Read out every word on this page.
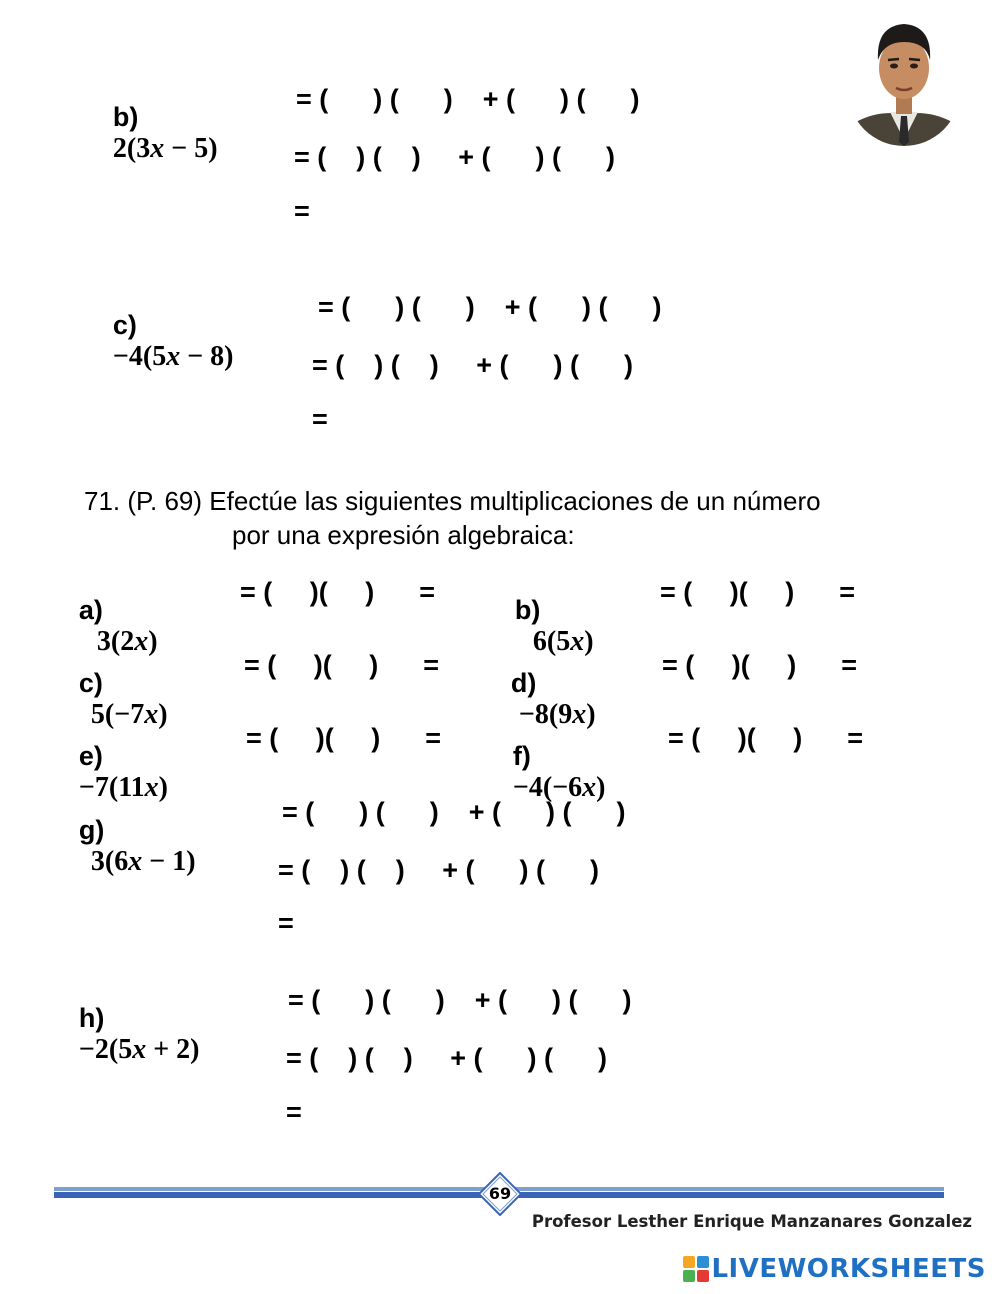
b)
2(3x − 5)

= (      ) (      )    + (      ) (      )
= (    ) (    )     + (      ) (      )
=

c)
−4(5x − 8)

= (      ) (      )    + (      ) (      )
= (    ) (    )     + (      ) (      )
=
71. (P. 69) Efectúe las siguientes multiplicaciones de un número
por una expresión algebraica:

a)
3(2x)

= (     )(     )      =

b)
6(5x)

= (     )(     )      =

c)
5(−7x)

= (     )(     )      =

d)
−8(9x)

= (     )(     )      =

e)
−7(11x)

= (     )(     )      =

f)
−4(−6x)

= (     )(     )      =

g)
3(6x − 1)

= (      ) (      )    + (      ) (      )
= (    ) (    )     + (      ) (      )
=

h)
−2(5x + 2)

= (      ) (      )    + (      ) (      )
= (    ) (    )     + (      ) (      )
=
69
Profesor Lesther Enrique Manzanares Gonzalez
LIVEWORKSHEETS
